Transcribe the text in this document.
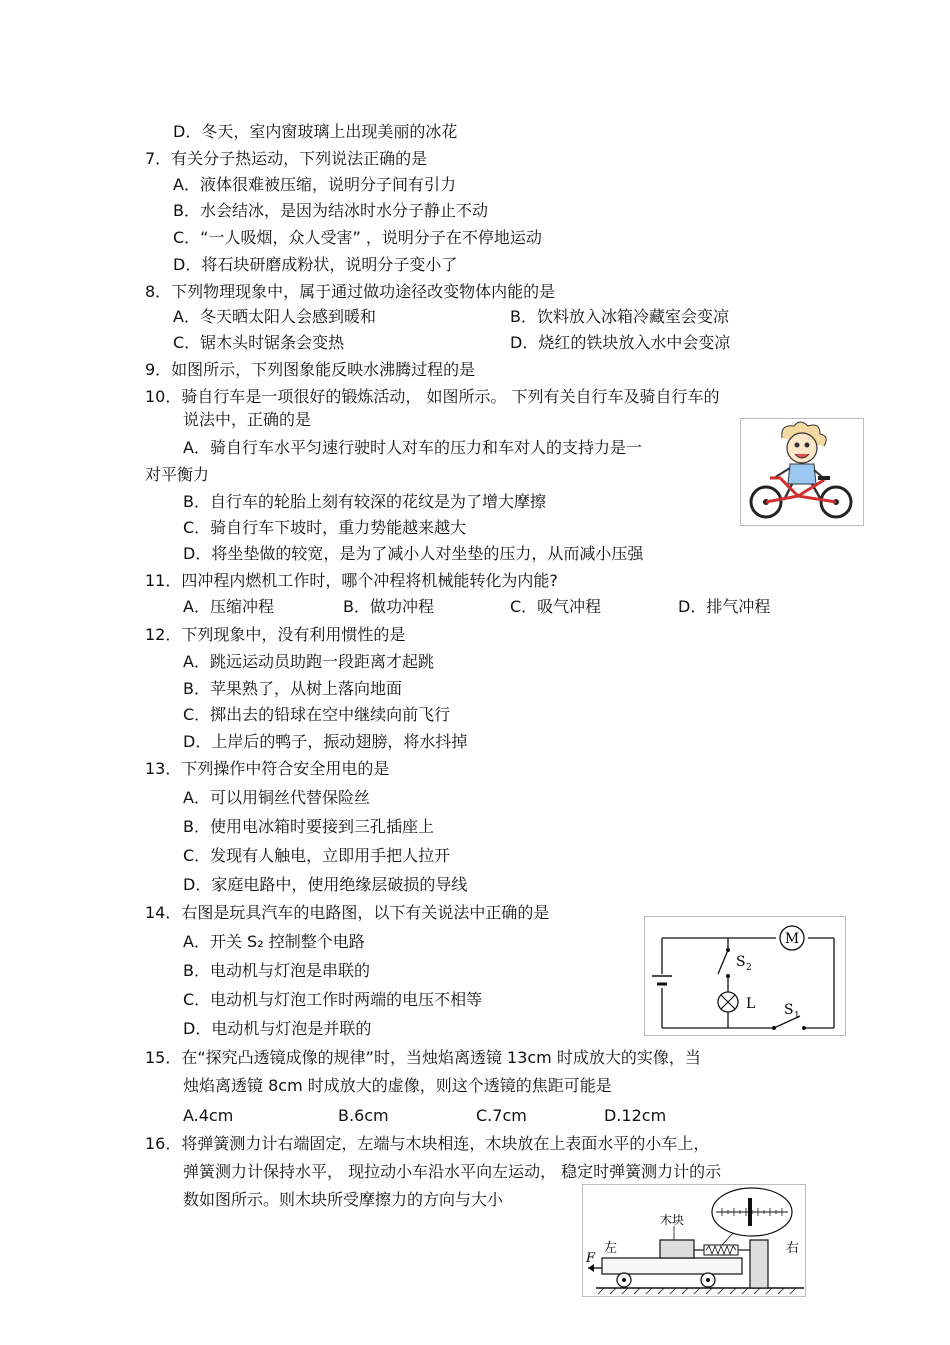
D．冬天，室内窗玻璃上出现美丽的冰花
7．有关分子热运动，下列说法正确的是
A．液体很难被压缩，说明分子间有引力
B．水会结冰，是因为结冰时水分子静止不动
C．“一人吸烟，众人受害” ，说明分子在不停地运动
D．将石块研磨成粉状，说明分子变小了
8．下列物理现象中，属于通过做功途径改变物体内能的是
A．冬天晒太阳人会感到暖和	B．饮料放入冰箱冷藏室会变凉
C．锯木头时锯条会变热	D．烧红的铁块放入水中会变凉
9．如图所示，下列图象能反映水沸腾过程的是
10．骑自行车是一项很好的锻炼活动， 如图所示。 下列有关自行车及骑自行车的
说法中，正确的是
A．骑自行车水平匀速行驶时人对车的压力和车对人的支持力是一
对平衡力
B．自行车的轮胎上刻有较深的花纹是为了增大摩擦
C．骑自行车下坡时，重力势能越来越大
D．将坐垫做的较宽，是为了减小人对坐垫的压力，从而减小压强
11．四冲程内燃机工作时，哪个冲程将机械能转化为内能?
A．压缩冲程	B．做功冲程	C．吸气冲程	D．排气冲程
12．下列现象中，没有利用惯性的是
A．跳远运动员助跑一段距离才起跳
B．苹果熟了，从树上落向地面
C．掷出去的铅球在空中继续向前飞行
D．上岸后的鸭子，振动翅膀，将水抖掉
13．下列操作中符合安全用电的是
A．可以用铜丝代替保险丝
B．使用电冰箱时要接到三孔插座上
C．发现有人触电，立即用手把人拉开
D．家庭电路中，使用绝缘层破损的导线
14．右图是玩具汽车的电路图，以下有关说法中正确的是
A．开关 S₂ 控制整个电路
B．电动机与灯泡是串联的
C．电动机与灯泡工作时两端的电压不相等
D．电动机与灯泡是并联的
15．在“探究凸透镜成像的规律”时，当烛焰离透镜 13cm 时成放大的实像，当
烛焰离透镜 8cm 时成放大的虚像，则这个透镜的焦距可能是
A.4cm	B.6cm	C.7cm	D.12cm
16．将弹簧测力计右端固定，左端与木块相连，木块放在上表面水平的小车上，
弹簧测力计保持水平， 现拉动小车沿水平向左运动， 稳定时弹簧测力计的示
数如图所示。则木块所受摩擦力的方向与大小
M
S 2
L S 1
F
木块
左	右
